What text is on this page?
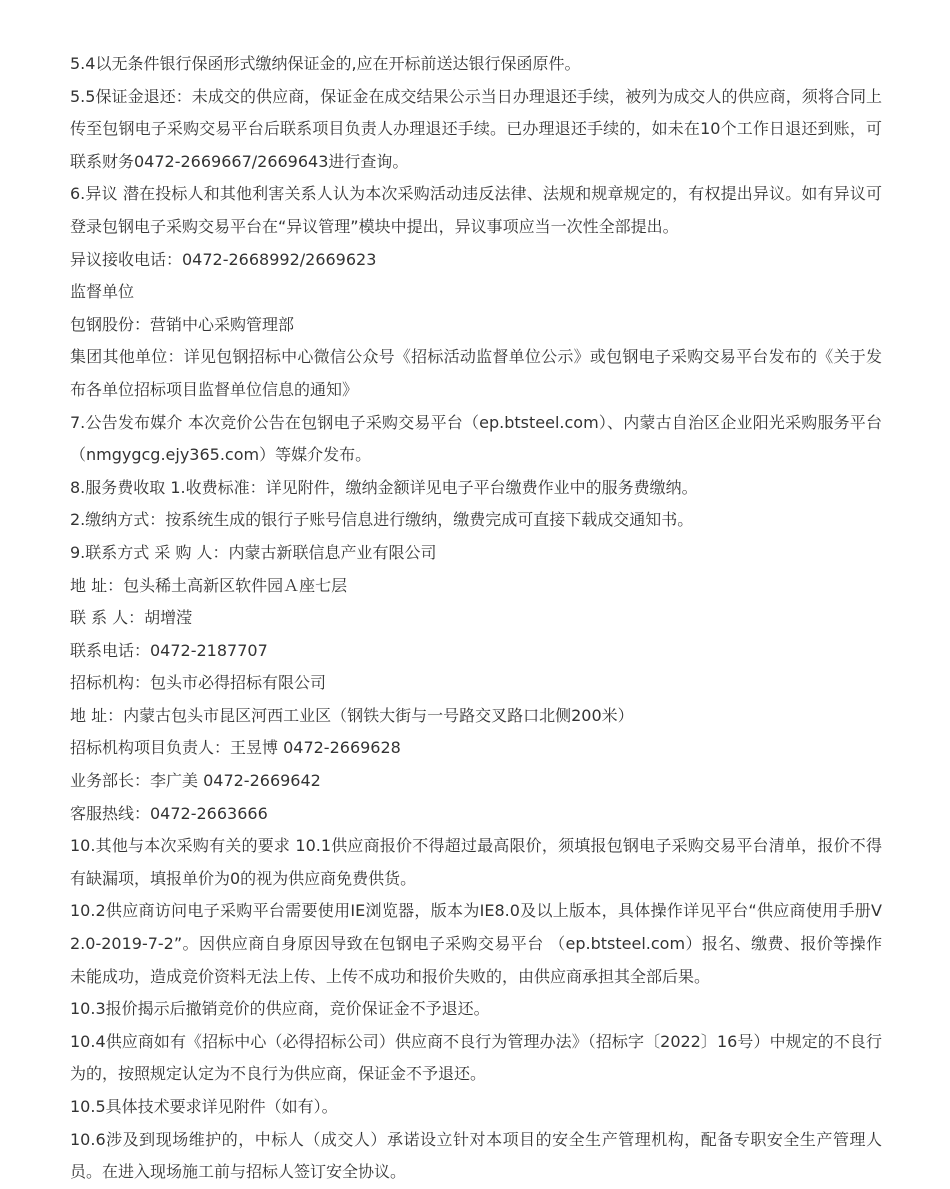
5.4以无条件银行保函形式缴纳保证金的,应在开标前送达银行保函原件。

5.5保证金退还：未成交的供应商，保证金在成交结果公示当日办理退还手续，被列为成交人的供应商，须将合同上传至包钢电子采购交易平台后联系项目负责人办理退还手续。已办理退还手续的，如未在10个工作日退还到账，可联系财务0472-2669667/2669643进行查询。

6.异议 潜在投标人和其他利害关系人认为本次采购活动违反法律、法规和规章规定的，有权提出异议。如有异议可登录包钢电子采购交易平台在“异议管理”模块中提出，异议事项应当一次性全部提出。

异议接收电话：0472-2668992/2669623

监督单位

包钢股份：营销中心采购管理部

集团其他单位：详见包钢招标中心微信公众号《招标活动监督单位公示》或包钢电子采购交易平台发布的《关于发布各单位招标项目监督单位信息的通知》

7.公告发布媒介 本次竞价公告在包钢电子采购交易平台（ep.btsteel.com）、内蒙古自治区企业阳光采购服务平台（nmgygcg.ejy365.com）等媒介发布。

8.服务费收取 1.收费标准：详见附件，缴纳金额详见电子平台缴费作业中的服务费缴纳。

2.缴纳方式：按系统生成的银行子账号信息进行缴纳，缴费完成可直接下载成交通知书。

9.联系方式 采 购 人：内蒙古新联信息产业有限公司

地 址：包头稀土高新区软件园Ａ座七层

联 系 人：胡增滢

联系电话：0472-2187707

招标机构：包头市必得招标有限公司

地 址：内蒙古包头市昆区河西工业区（钢铁大街与一号路交叉路口北侧200米）

招标机构项目负责人：王昱博 0472-2669628

业务部长：李广美 0472-2669642

客服热线：0472-2663666

10.其他与本次采购有关的要求 10.1供应商报价不得超过最高限价，须填报包钢电子采购交易平台清单，报价不得有缺漏项，填报单价为0的视为供应商免费供货。

10.2供应商访问电子采购平台需要使用IE浏览器，版本为IE8.0及以上版本，具体操作详见平台“供应商使用手册V2.0-2019-7-2”。因供应商自身原因导致在包钢电子采购交易平台 （ep.btsteel.com）报名、缴费、报价等操作未能成功，造成竞价资料无法上传、上传不成功和报价失败的，由供应商承担其全部后果。

10.3报价揭示后撤销竞价的供应商，竞价保证金不予退还。

10.4供应商如有《招标中心（必得招标公司）供应商不良行为管理办法》（招标字〔2022〕16号）中规定的不良行为的，按照规定认定为不良行为供应商，保证金不予退还。

10.5具体技术要求详见附件（如有）。

10.6涉及到现场维护的，中标人（成交人）承诺设立针对本项目的安全生产管理机构，配备专职安全生产管理人员。在进入现场施工前与招标人签订安全协议。
